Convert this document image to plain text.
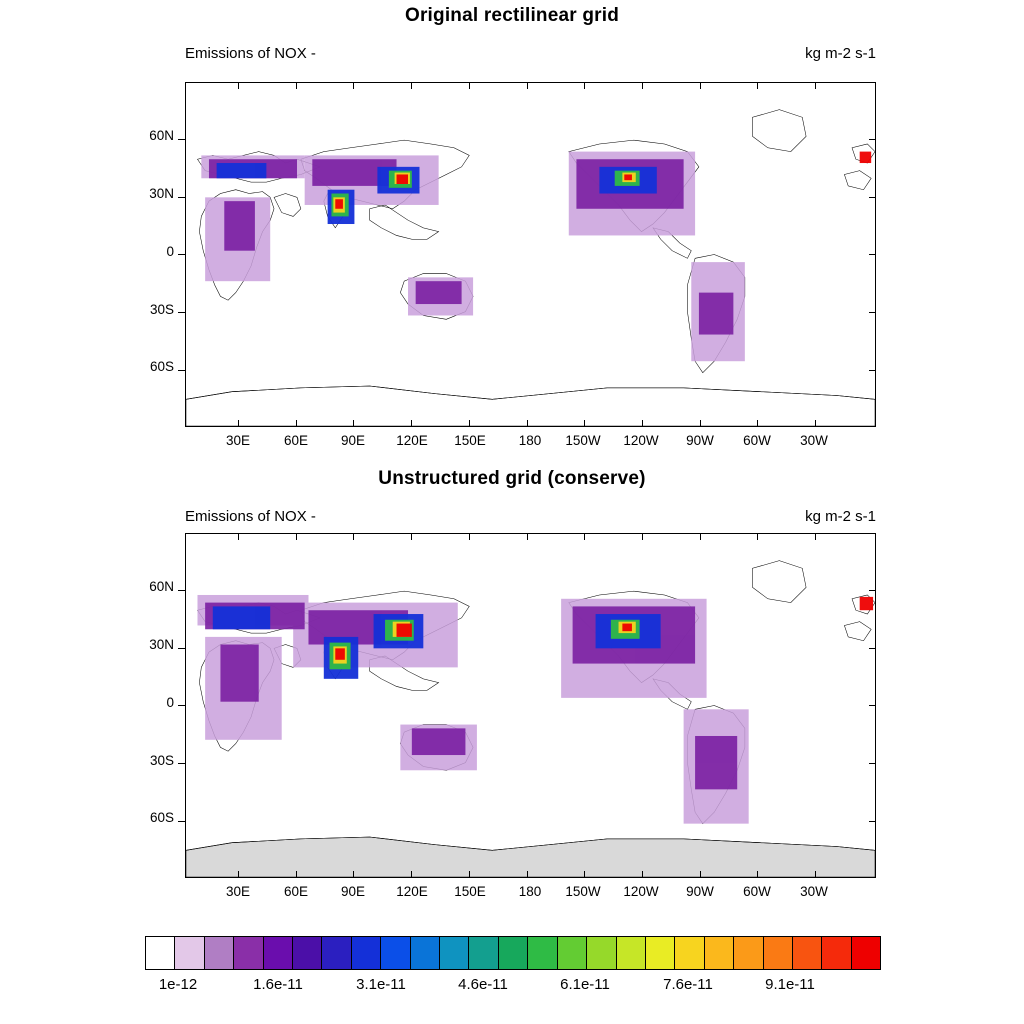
Original rectilinear grid
Emissions of NOX -	kg m-2 s-1
60N
30N
0
30S
60S
30E	60E	90E	120E	150E	180	150W	120W	90W	60W	30W
Unstructured grid (conserve)
Emissions of NOX -	kg m-2 s-1
60N
30N
0
30S
60S
30E	60E	90E	120E	150E	180	150W	120W	90W	60W	30W
1e-12	1.6e-11	3.1e-11	4.6e-11	6.1e-11	7.6e-11	9.1e-11
